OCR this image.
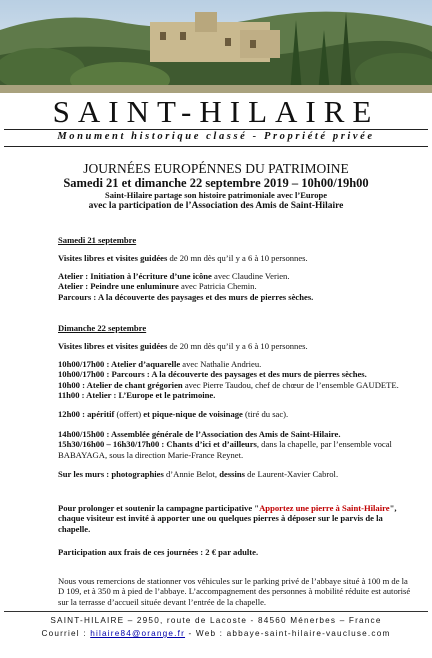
SAINT-HILAIRE
Monument historique classé - Propriété privée
JOURNÉES EUROPÉNNES DU PATRIMOINE
Samedi 21 et dimanche 22 septembre 2019 – 10h00/19h00
Saint-Hilaire partage son histoire patrimoniale avec l’Europe
avec la participation de l’Association des Amis de Saint-Hilaire

Samedi 21 septembre

Visites libres et visites guidées de 20 mn dès qu’il y a 6 à 10 personnes.

Atelier : Initiation à l’écriture d’une icône avec Claudine Verien.

Atelier : Peindre une enluminure avec Patricia Chemin.

Parcours : A la découverte des paysages et des murs de pierres sèches.

Dimanche 22 septembre

Visites libres et visites guidées de 20 mn dès qu’il y a 6 à 10 personnes.

10h00/17h00 : Atelier d’aquarelle avec Nathalie Andrieu.

10h00/17h00 : Parcours : A la découverte des paysages et des murs de pierres sèches.

10h00 : Atelier de chant grégorien avec Pierre Taudou, chef de chœur de l’ensemble GAUDETE.

11h00 : Atelier : L’Europe et le patrimoine.

12h00 : apéritif (offert) et pique-nique de voisinage (tiré du sac).

14h00/15h00 : Assemblée générale de l’Association des Amis de Saint-Hilaire.

15h30/16h00 – 16h30/17h00 : Chants d’ici et d’ailleurs, dans la chapelle, par l’ensemble vocal BABAYAGA, sous la direction Marie-France Reynet.

Sur les murs : photographies d’Annie Belot, dessins de Laurent-Xavier Cabrol.

Pour prolonger et soutenir la campagne participative "Apportez une pierre à Saint-Hilaire", chaque visiteur est invité à apporter une ou quelques pierres à déposer sur le parvis de la chapelle.

Participation aux frais de ces journées : 2 € par adulte.

Nous vous remercions de stationner vos véhicules sur le parking privé de l’abbaye situé à 100 m de la D 109, et à 350 m à pied de l’abbaye. L’accompagnement des personnes à mobilité réduite est autorisé sur la terrasse d’accueil située devant l’entrée de la chapelle.

SAINT-HILAIRE – 2950, route de Lacoste - 84560 Ménerbes – France
Courriel : hilaire84@orange.fr - Web : abbaye-saint-hilaire-vaucluse.com
